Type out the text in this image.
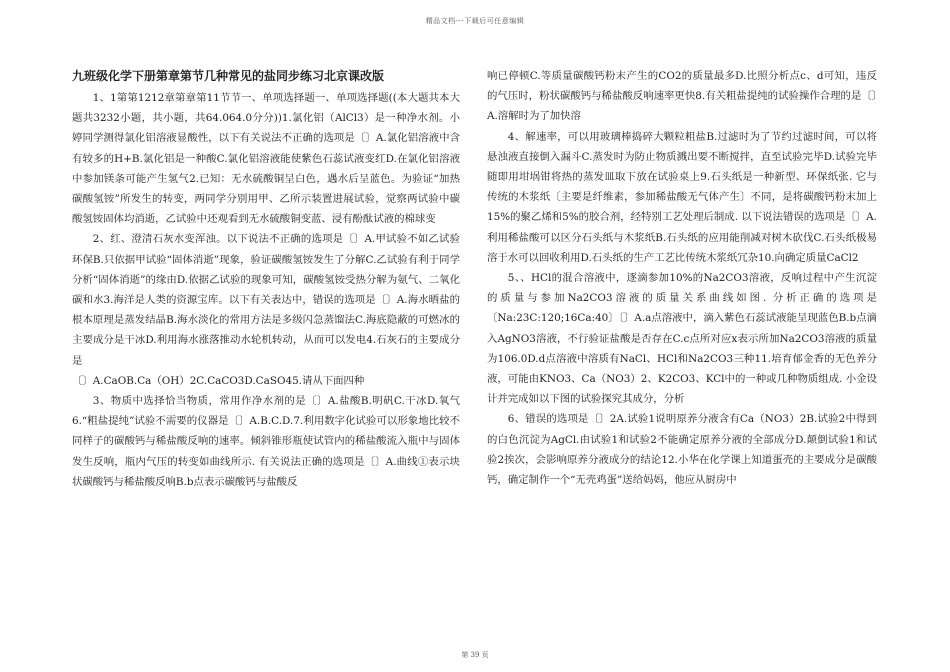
精品文档---下载后可任意编辑
九班级化学下册第章第节几种常见的盐同步练习北京课改版

1、1第第1212章第章第11节节一、单项选择题一、单项选择题((本大题共本大题共3232小题，共小题，共64.064.0分分))1.氯化铝（AlCl3）是一种净水剂。小婷同学测得氯化铝溶液显酸性，以下有关说法不正确的选项是〔〕A.氯化铝溶液中含有较多的H+B.氯化铝是一种酸C.氯化铝溶液能使紫色石蕊试液变红D.在氯化铝溶液中参加镁条可能产生氢气2.已知：无水硫酸铜呈白色，遇水后呈蓝色。为验证“加热碳酸氢铵”所发生的转变，两同学分别用甲、乙所示装置进展试验，觉察两试验中碳酸氢铵固体均消逝，乙试验中还观看到无水硫酸铜变蓝、浸有酚酞试液的棉球变

2、红、澄清石灰水变浑浊。以下说法不正确的选项是〔〕A.甲试验不如乙试验环保B.只依据甲试验“固体消逝”现象，验证碳酸氢铵发生了分解C.乙试验有利于同学分析“固体消逝”的缘由D.依据乙试验的现象可知，碳酸氢铵受热分解为氨气、二氧化碳和水3.海洋是人类的资源宝库。以下有关表达中，错误的选项是〔〕A.海水晒盐的根本原理是蒸发结晶B.海水淡化的常用方法是多级闪急蒸馏法C.海底隐蔽的可燃冰的主要成分是干冰D.利用海水涨落推动水轮机转动，从而可以发电4.石灰石的主要成分是

〔〕A.CaOB.Ca（OH）2C.CaCO3D.CaSO45.请从下面四种

3、物质中选择恰当物质，常用作净水剂的是〔〕A.盐酸B.明矾C.干冰D.氧气6.“粗盐提纯”试验不需要的仪器是〔〕A.B.C.D.7.利用数字化试验可以形象地比较不同样子的碳酸钙与稀盐酸反响的速率。倾斜锥形瓶使试管内的稀盐酸流入瓶中与固体发生反响，瓶内气压的转变如曲线所示. 有关说法正确的选项是〔〕A.曲线①表示块状碳酸钙与稀盐酸反响B.b点表示碳酸钙与盐酸反

响已停顿C.等质量碳酸钙粉末产生的CO2的质量最多D.比照分析点c、d可知，违反的气压时，粉状碳酸钙与稀盐酸反响速率更快8.有关粗盐提纯的试验操作合理的是〔〕A.溶解时为了加快溶

4、解速率，可以用玻璃棒捣碎大颗粒粗盐B.过滤时为了节约过滤时间，可以将悬浊液直接倒入漏斗C.蒸发时为防止物质溅出要不断搅拌，直至试验完毕D.试验完毕随即用坩埚钳将热的蒸发皿取下放在试验桌上9.石头纸是一种新型、环保纸张. 它与传统的木浆纸〔主要是纤维素，参加稀盐酸无气体产生〕不同，是将碳酸钙粉末加上15%的聚乙烯和5%的胶合剂，经特别工艺处理后制成. 以下说法错误的选项是〔〕A.利用稀盐酸可以区分石头纸与木浆纸B.石头纸的应用能削减对树木砍伐C.石头纸极易溶于水可以回收利用D.石头纸的生产工艺比传统木浆纸冗杂10.向确定质量CaCl2

5、、HCl的混合溶液中，逐滴参加10%的Na2CO3溶液，反响过程中产生沉淀的质量与参加Na2CO3溶液的质量关系曲线如图. 分析正确的选项是〔Na:23C:120;16Ca:40〕〔〕A.a点溶液中，滴入紫色石蕊试液能呈现蓝色B.b点滴入AgNO3溶液，不行验证盐酸是否存在C.c点所对应x表示所加Na2CO3溶液的质量为106.0D.d点溶液中溶质有NaCl、HCl和Na2CO3三种11.培育郁金香的无色养分液，可能由KNO3、Ca（NO3）2、K2CO3、KCl中的一种或几种物质组成. 小金设计并完成如以下图的试验探究其成分，分析

6、错误的选项是〔〕2A.试验1说明原养分液含有Ca（NO3）2B.试验2中得到的白色沉淀为AgCl.由试验1和试验2不能确定原养分液的全部成分D.颠倒试验1和试验2挨次，会影响原养分液成分的结论12.小华在化学课上知道蛋壳的主要成分是碳酸钙，确定制作一个“无壳鸡蛋”送给妈妈，他应从厨房中

第 39 页
